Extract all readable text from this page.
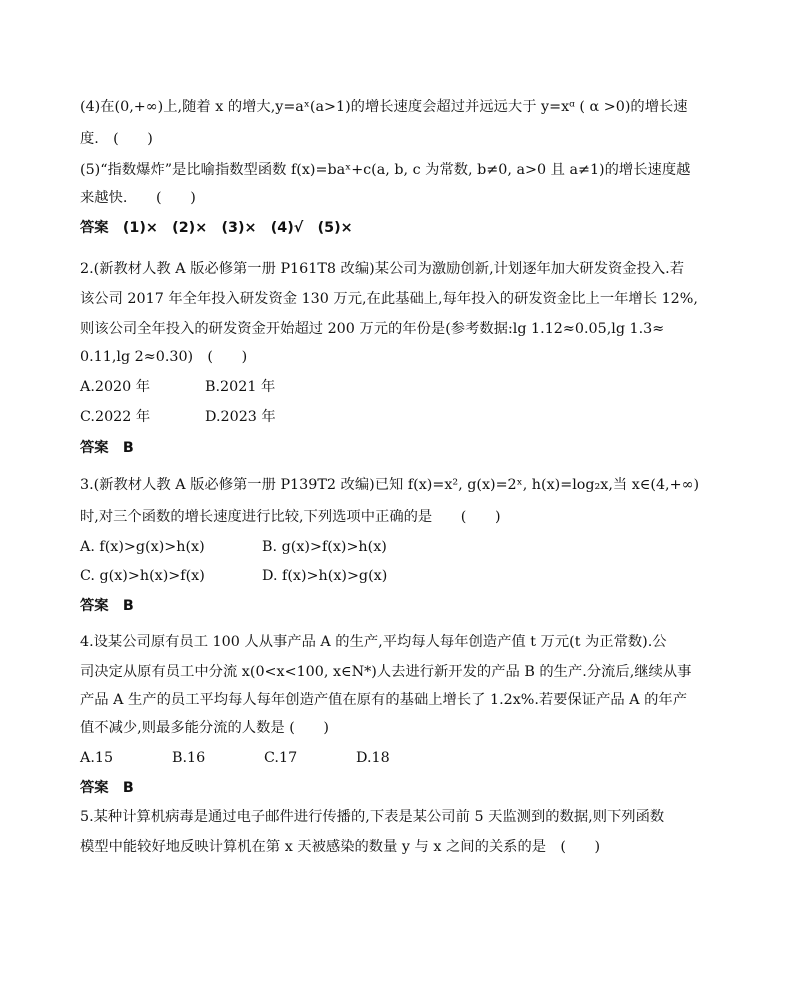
(4)在(0,+∞)上,随着 x 的增大,y=aˣ(a>1)的增长速度会超过并远远大于 y=xᵅ ( α >0)的增长速
度.　(　　)
(5)“指数爆炸”是比喻指数型函数 f(x)=baˣ+c(a, b, c 为常数, b≠0, a>0 且 a≠1)的增长速度越
来越快.　　(　　)
答案　(1)×　(2)×　(3)×　(4)√　(5)×
2.(新教材人教 A 版必修第一册 P161T8 改编)某公司为激励创新,计划逐年加大研发资金投入.若
该公司 2017 年全年投入研发资金 130 万元,在此基础上,每年投入的研发资金比上一年增长 12%,
则该公司全年投入的研发资金开始超过 200 万元的年份是(参考数据:lg 1.12≈0.05,lg 1.3≈
0.11,lg 2≈0.30)　(　　)
A.2020 年	B.2021 年
C.2022 年	D.2023 年
答案　B
3.(新教材人教 A 版必修第一册 P139T2 改编)已知 f(x)=x², g(x)=2ˣ, h(x)=log₂x,当 x∈(4,+∞)
时,对三个函数的增长速度进行比较,下列选项中正确的是　　(　　)
A. f(x)>g(x)>h(x)	B. g(x)>f(x)>h(x)
C. g(x)>h(x)>f(x)	D. f(x)>h(x)>g(x)
答案　B
4.设某公司原有员工 100 人从事产品 A 的生产,平均每人每年创造产值 t 万元(t 为正常数).公
司决定从原有员工中分流 x(0<x<100, x∈N*)人去进行新开发的产品 B 的生产.分流后,继续从事
产品 A 生产的员工平均每人每年创造产值在原有的基础上增长了 1.2x%.若要保证产品 A 的年产
值不减少,则最多能分流的人数是 (　　)
A.15	B.16	C.17	D.18
答案　B
5.某种计算机病毒是通过电子邮件进行传播的,下表是某公司前 5 天监测到的数据,则下列函数
模型中能较好地反映计算机在第 x 天被感染的数量 y 与 x 之间的关系的是　(　　)
